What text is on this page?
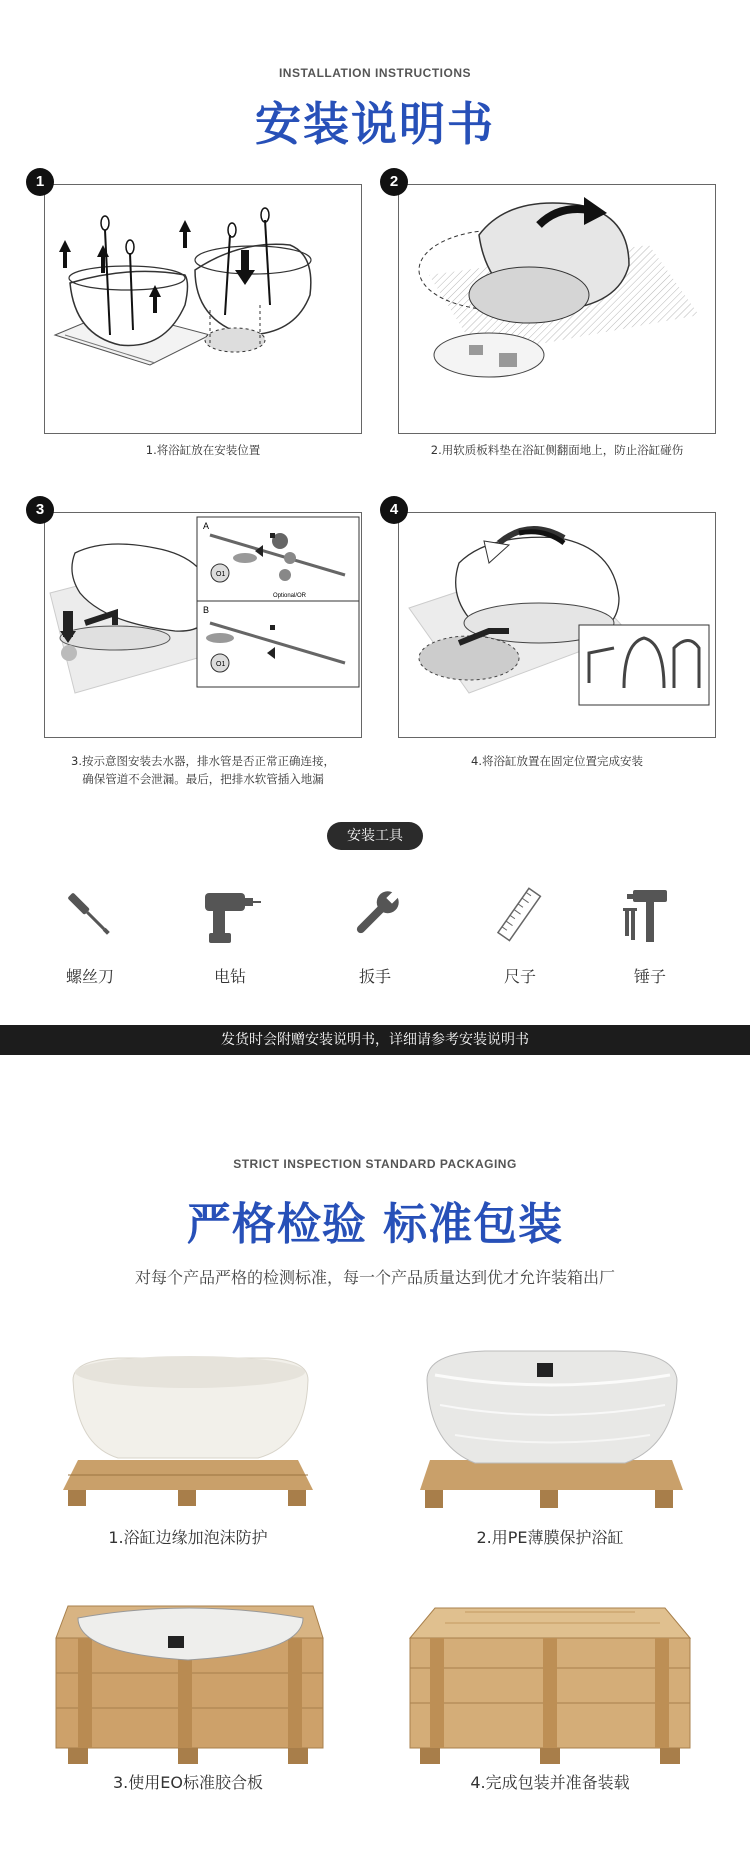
INSTALLATION INSTRUCTIONS
安装说明书
1
1.将浴缸放在安装位置
2
2.用软质板料垫在浴缸侧翻面地上，防止浴缸碰伤
A
B
Optional/OR
O1
O1
3
3.按示意图安装去水器，排水管是否正常正确连接，
确保管道不会泄漏。最后，把排水软管插入地漏
4
4.将浴缸放置在固定位置完成安装
安装工具
螺丝刀	电钻	扳手	尺子	锤子
发货时会附赠安装说明书，详细请参考安装说明书
STRICT INSPECTION STANDARD PACKAGING
严格检验 标准包装
对每个产品严格的检测标准，每一个产品质量达到优才允许装箱出厂
1.浴缸边缘加泡沫防护	2.用PE薄膜保护浴缸
3.使用EO标准胶合板	4.完成包装并准备装载
